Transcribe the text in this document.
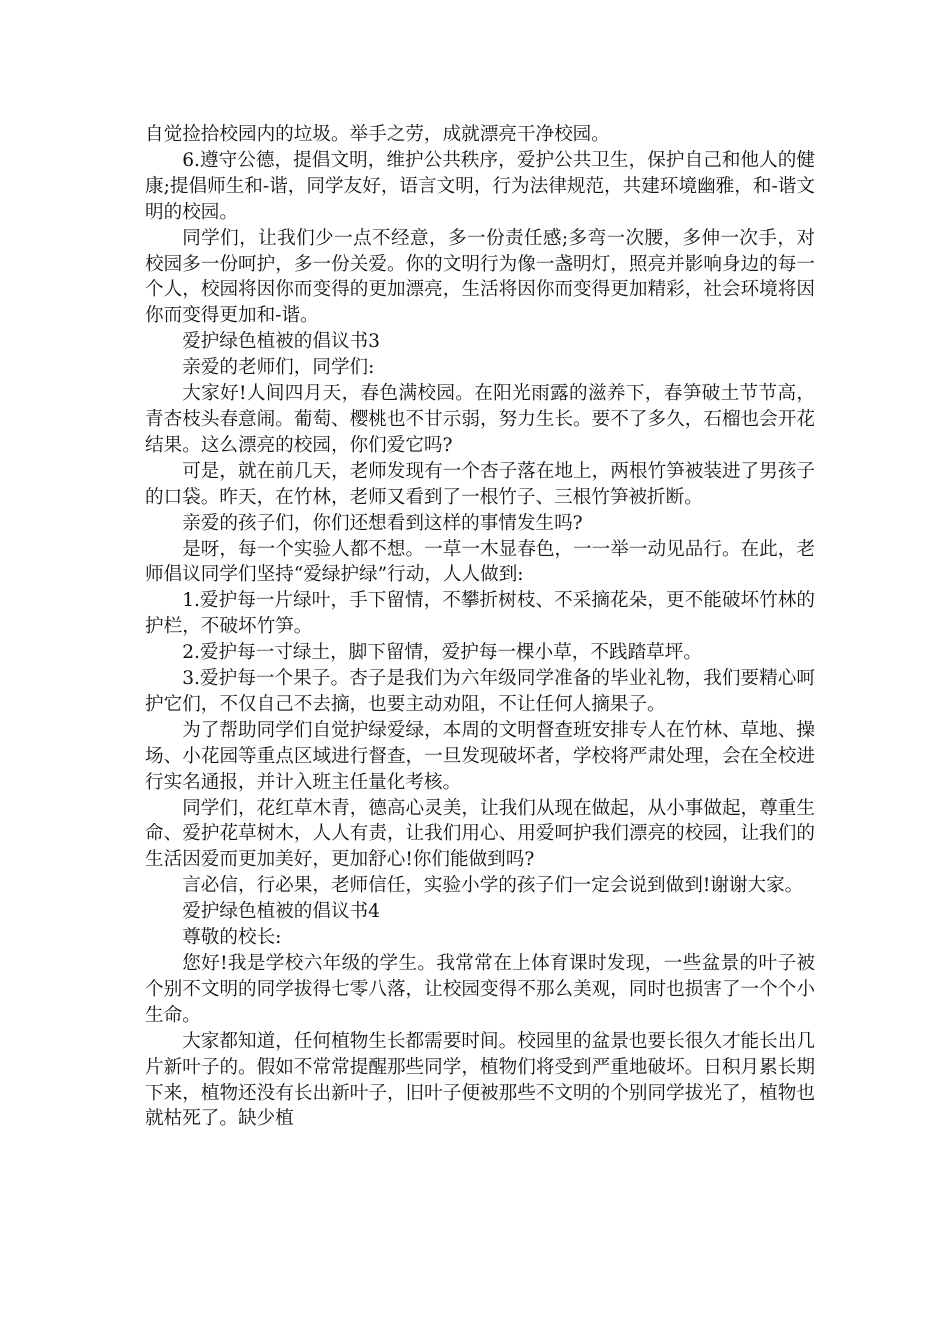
自觉捡拾校园内的垃圾。举手之劳，成就漂亮干净校园。

6.遵守公德，提倡文明，维护公共秩序，爱护公共卫生，保护自己和他人的健康;提倡师生和-谐，同学友好，语言文明，行为法律规范，共建环境幽雅，和-谐文明的校园。

同学们，让我们少一点不经意，多一份责任感;多弯一次腰，多伸一次手，对校园多一份呵护，多一份关爱。你的文明行为像一盏明灯，照亮并影响身边的每一个人，校园将因你而变得的更加漂亮，生活将因你而变得更加精彩，社会环境将因你而变得更加和-谐。

爱护绿色植被的倡议书3

亲爱的老师们，同学们:

大家好!人间四月天，春色满校园。在阳光雨露的滋养下，春笋破土节节高，青杏枝头春意闹。葡萄、樱桃也不甘示弱，努力生长。要不了多久，石榴也会开花结果。这么漂亮的校园，你们爱它吗?

可是，就在前几天，老师发现有一个杏子落在地上，两根竹笋被装进了男孩子的口袋。昨天，在竹林，老师又看到了一根竹子、三根竹笋被折断。

亲爱的孩子们，你们还想看到这样的事情发生吗?

是呀，每一个实验人都不想。一草一木显春色，一一举一动见品行。在此，老师倡议同学们坚持“爱绿护绿”行动，人人做到:

1.爱护每一片绿叶，手下留情，不攀折树枝、不采摘花朵，更不能破坏竹林的护栏，不破坏竹笋。

2.爱护每一寸绿土，脚下留情，爱护每一棵小草，不践踏草坪。

3.爱护每一个果子。杏子是我们为六年级同学准备的毕业礼物，我们要精心呵护它们，不仅自己不去摘，也要主动劝阻，不让任何人摘果子。

为了帮助同学们自觉护绿爱绿，本周的文明督查班安排专人在竹林、草地、操场、小花园等重点区域进行督查，一旦发现破坏者，学校将严肃处理，会在全校进行实名通报，并计入班主任量化考核。

同学们，花红草木青，德高心灵美，让我们从现在做起，从小事做起，尊重生命、爱护花草树木，人人有责，让我们用心、用爱呵护我们漂亮的校园，让我们的生活因爱而更加美好，更加舒心!你们能做到吗?

言必信，行必果，老师信任，实验小学的孩子们一定会说到做到!谢谢大家。

爱护绿色植被的倡议书4

尊敬的校长:

您好!我是学校六年级的学生。我常常在上体育课时发现，一些盆景的叶子被个别不文明的同学拔得七零八落，让校园变得不那么美观，同时也损害了一个个小生命。

大家都知道，任何植物生长都需要时间。校园里的盆景也要长很久才能长出几片新叶子的。假如不常常提醒那些同学，植物们将受到严重地破坏。日积月累长期下来，植物还没有长出新叶子，旧叶子便被那些不文明的个别同学拔光了，植物也就枯死了。缺少植
